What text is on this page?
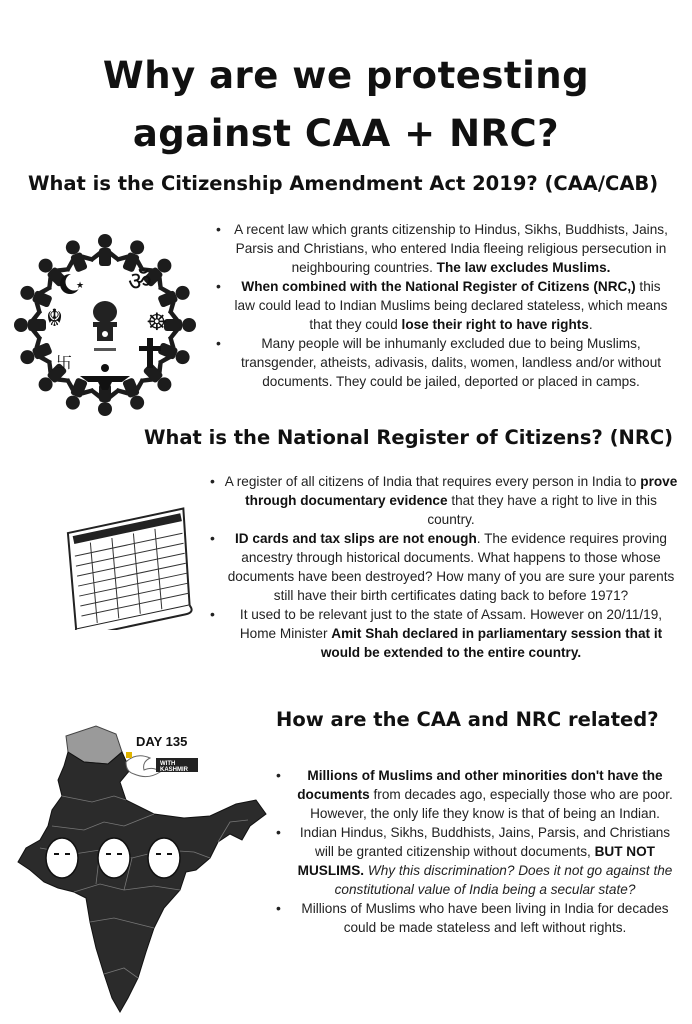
Why are we protesting
against CAA + NRC?
What is the Citizenship Amendment Act 2019? (CAA/CAB)
ॐ
★
☬	☸
卐
• A recent law which grants citizenship to Hindus, Sikhs, Buddhists, Jains, Parsis and Christians, who entered India fleeing religious persecution in neighbouring countries. The law excludes Muslims.
• When combined with the National Register of Citizens (NRC,) this law could lead to Indian Muslims being declared stateless, which means that they could lose their right to have rights.
• Many people will be inhumanly excluded due to being Muslims, transgender, atheists, adivasis, dalits, women, landless and/or without documents. They could be jailed, deported or placed in camps.
What is the National Register of Citizens? (NRC)
• A register of all citizens of India that requires every person in India to prove through documentary evidence that they have a right to live in this country.
• ID cards and tax slips are not enough. The evidence requires proving ancestry through historical documents. What happens to those whose documents have been destroyed? How many of you are sure your parents still have their birth certificates dating back to before 1971?
• It used to be relevant just to the state of Assam. However on 20/11/19, Home Minister Amit Shah declared in parliamentary session that it would be extended to the entire country.
How are the CAA and NRC related?
DAY 135
WITH
KASHMIR
•	Millions of Muslims and other minorities don't have the documents from decades ago, especially those who are poor. However, the only life they know is that of being an Indian.
• Indian Hindus, Sikhs, Buddhists, Jains, Parsis, and Christians will be granted citizenship without documents, BUT NOT MUSLIMS. Why this discrimination? Does it not go against the constitutional value of India being a secular state?
• Millions of Muslims who have been living in India for decades could be made stateless and left without rights.
